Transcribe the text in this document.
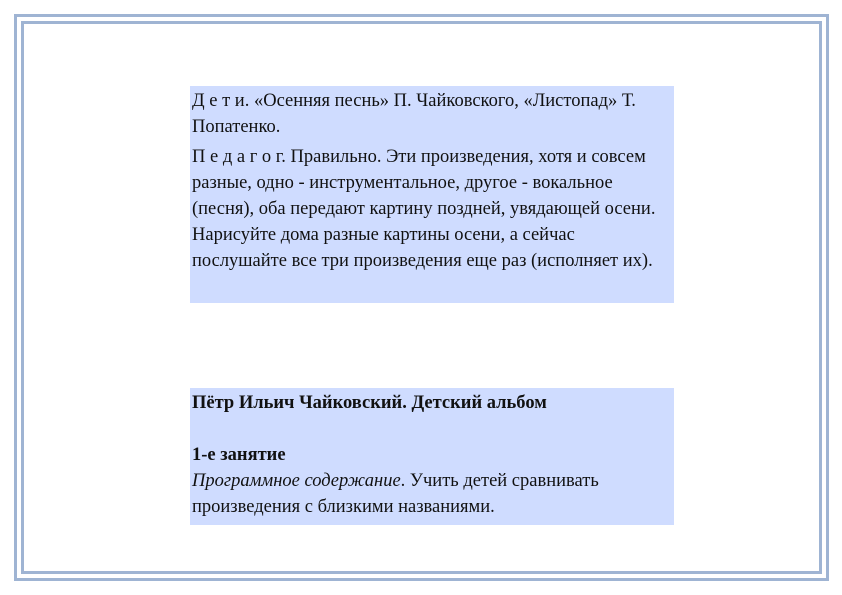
Д е т и. «Осенняя песнь» П. Чайковского, «Листопад» Т. Попатенко.

П е д а г о г. Правильно. Эти произведения, хотя и совсем разные, одно - инструментальное, другое - вокальное (песня), оба передают картину поздней, увядающей осени. Нарисуйте дома разные картины осени, а сейчас послушайте все три произведения еще раз (исполняет их).

Пётр Ильич Чайковский. Детский альбом

1-е занятие

Программное содержание. Учить детей сравнивать произведения с близкими названиями.
